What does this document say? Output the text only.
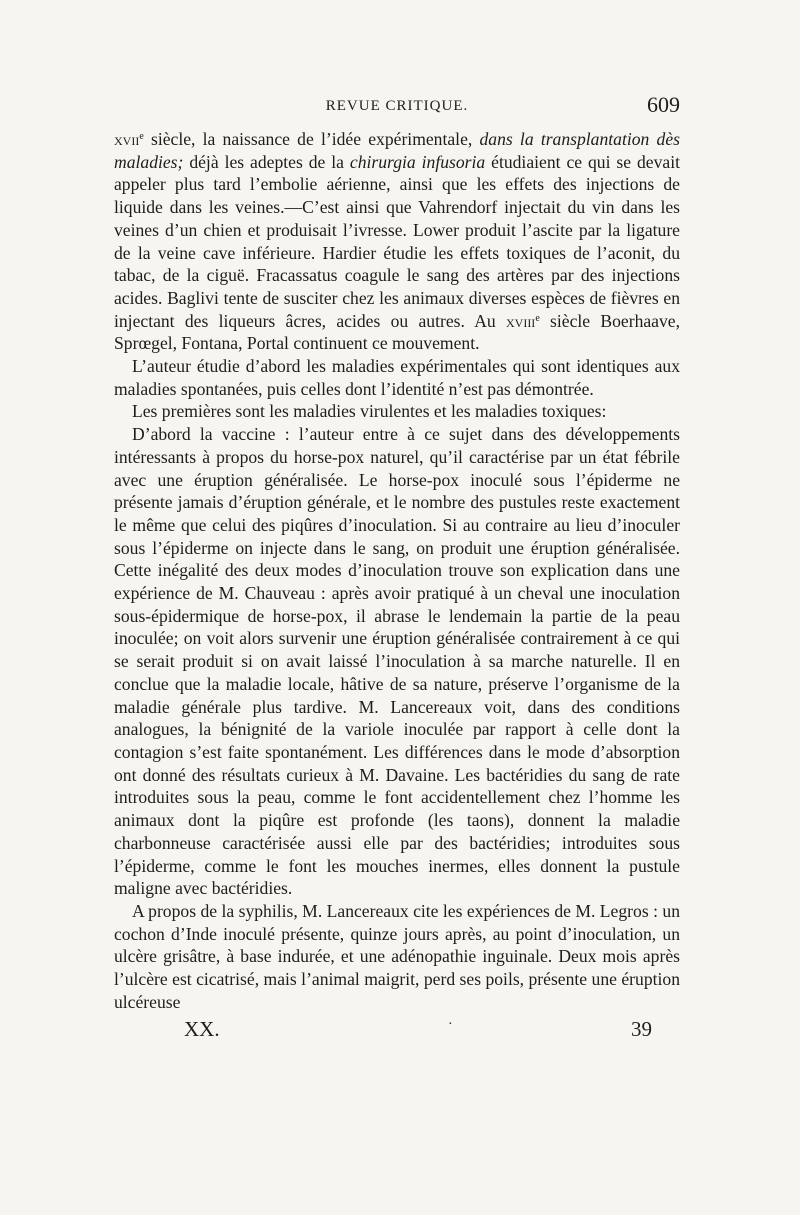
REVUE CRITIQUE.	609

xvii$^e$ siècle, la naissance de l’idée expérimentale, dans la transplantation dès maladies; déjà les adeptes de la chirurgia infusoria étudiaient ce qui se devait appeler plus tard l’embolie aérienne, ainsi que les effets des injections de liquide dans les veines.—C’est ainsi que Vahrendorf injectait du vin dans les veines d’un chien et produisait l’ivresse. Lower produit l’ascite par la ligature de la veine cave inférieure. Hardier étudie les effets toxiques de l’aconit, du tabac, de la ciguë. Fracassatus coagule le sang des artères par des injections acides. Baglivi tente de susciter chez les animaux diverses espèces de fièvres en injectant des liqueurs âcres, acides ou autres. Au xviii$^e$ siècle Boerhaave, Sprœgel, Fontana, Portal continuent ce mouvement.

L’auteur étudie d’abord les maladies expérimentales qui sont identiques aux maladies spontanées, puis celles dont l’identité n’est pas démontrée.

Les premières sont les maladies virulentes et les maladies toxiques:

D’abord la vaccine : l’auteur entre à ce sujet dans des développements intéressants à propos du horse-pox naturel, qu’il caractérise par un état fébrile avec une éruption généralisée. Le horse-pox inoculé sous l’épiderme ne présente jamais d’éruption générale, et le nombre des pustules reste exactement le même que celui des piqûres d’inoculation. Si au contraire au lieu d’inoculer sous l’épiderme on injecte dans le sang, on produit une éruption généralisée. Cette inégalité des deux modes d’inoculation trouve son explication dans une expérience de M. Chauveau : après avoir pratiqué à un cheval une inoculation sous-épidermique de horse-pox, il abrase le lendemain la partie de la peau inoculée; on voit alors survenir une éruption généralisée contrairement à ce qui se serait produit si on avait laissé l’inoculation à sa marche naturelle. Il en conclue que la maladie locale, hâtive de sa nature, préserve l’organisme de la maladie générale plus tardive. M. Lancereaux voit, dans des conditions analogues, la bénignité de la variole inoculée par rapport à celle dont la contagion s’est faite spontanément. Les différences dans le mode d’absorption ont donné des résultats curieux à M. Davaine. Les bactéridies du sang de rate introduites sous la peau, comme le font accidentellement chez l’homme les animaux dont la piqûre est profonde (les taons), donnent la maladie charbonneuse caractérisée aussi elle par des bactéridies; introduites sous l’épiderme, comme le font les mouches inermes, elles donnent la pustule maligne avec bactéridies.

A propos de la syphilis, M. Lancereaux cite les expériences de M. Legros : un cochon d’Inde inoculé présente, quinze jours après, au point d’inoculation, un ulcère grisâtre, à base indurée, et une adénopathie inguinale. Deux mois après l’ulcère est cicatrisé, mais l’animal maigrit, perd ses poils, présente une éruption ulcéreuse

XX.	·	39
